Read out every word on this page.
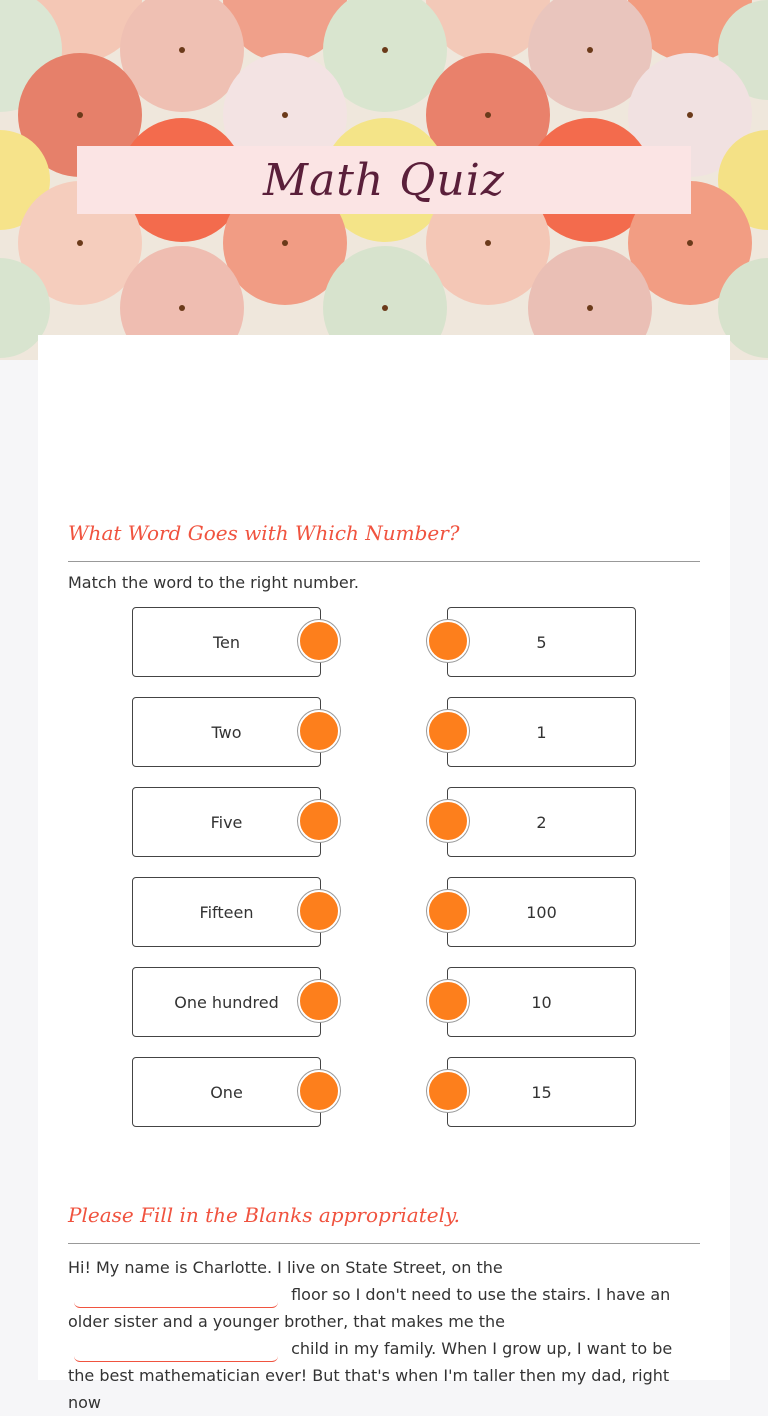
Math Quiz
What Word Goes with Which Number?
Match the word to the right number.
Ten	5
Two	1
Five	2
Fifteen	100
One hundred	10
One	15
Please Fill in the Blanks appropriately.
Hi! My name is Charlotte. I live on State Street, on the  floor so I don't need to use the stairs. I have an older sister and a younger brother, that makes me the  child in my family. When I grow up, I want to be the best mathematician ever! But that's when I'm taller then my dad, right now
